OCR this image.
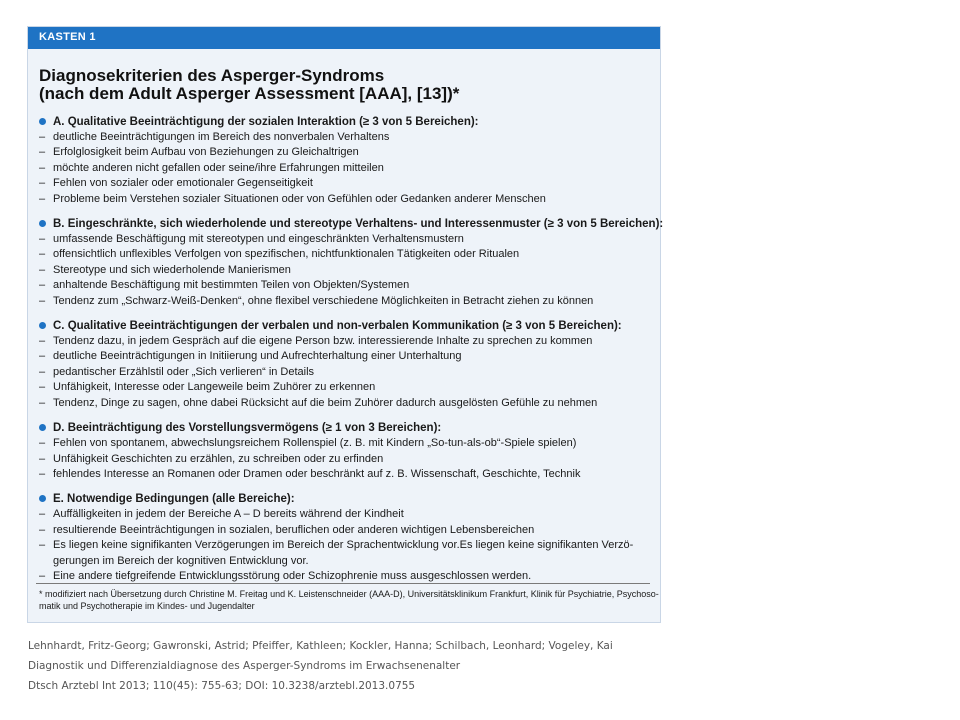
KASTEN 1
Diagnosekriterien des Asperger-Syndroms
(nach dem Adult Asperger Assessment [AAA], [13])*
A. Qualitative Beeinträchtigung der sozialen Interaktion (≥ 3 von 5 Bereichen):
– deutliche Beeinträchtigungen im Bereich des nonverbalen Verhaltens
– Erfolglosigkeit beim Aufbau von Beziehungen zu Gleichaltrigen
– möchte anderen nicht gefallen oder seine/ihre Erfahrungen mitteilen
– Fehlen von sozialer oder emotionaler Gegenseitigkeit
– Probleme beim Verstehen sozialer Situationen oder von Gefühlen oder Gedanken anderer Menschen
B. Eingeschränkte, sich wiederholende und stereotype Verhaltens- und Interessenmuster (≥ 3 von 5 Bereichen):
– umfassende Beschäftigung mit stereotypen und eingeschränkten Verhaltensmustern
– offensichtlich unflexibles Verfolgen von spezifischen, nichtfunktionalen Tätigkeiten oder Ritualen
– Stereotype und sich wiederholende Manierismen
– anhaltende Beschäftigung mit bestimmten Teilen von Objekten/Systemen
– Tendenz zum „Schwarz-Weiß-Denken“, ohne flexibel verschiedene Möglichkeiten in Betracht ziehen zu können
C. Qualitative Beeinträchtigungen der verbalen und non-verbalen Kommunikation (≥ 3 von 5 Bereichen):
– Tendenz dazu, in jedem Gespräch auf die eigene Person bzw. interessierende Inhalte zu sprechen zu kommen
– deutliche Beeinträchtigungen in Initiierung und Aufrechterhaltung einer Unterhaltung
– pedantischer Erzählstil oder „Sich verlieren“ in Details
– Unfähigkeit, Interesse oder Langeweile beim Zuhörer zu erkennen
– Tendenz, Dinge zu sagen, ohne dabei Rücksicht auf die beim Zuhörer dadurch ausgelösten Gefühle zu nehmen
D. Beeinträchtigung des Vorstellungsvermögens (≥ 1 von 3 Bereichen):
– Fehlen von spontanem, abwechslungsreichem Rollenspiel (z. B. mit Kindern „So-tun-als-ob“-Spiele spielen)
– Unfähigkeit Geschichten zu erzählen, zu schreiben oder zu erfinden
– fehlendes Interesse an Romanen oder Dramen oder beschränkt auf z. B. Wissenschaft, Geschichte, Technik
E. Notwendige Bedingungen (alle Bereiche):
– Auffälligkeiten in jedem der Bereiche A – D bereits während der Kindheit
– resultierende Beeinträchtigungen in sozialen, beruflichen oder anderen wichtigen Lebensbereichen
– Es liegen keine signifikanten Verzögerungen im Bereich der Sprachentwicklung vor.Es liegen keine signifikanten Verzö-
gerungen im Bereich der kognitiven Entwicklung vor.
– Eine andere tiefgreifende Entwicklungsstörung oder Schizophrenie muss ausgeschlossen werden.
* modifiziert nach Übersetzung durch Christine M. Freitag und K. Leistenschneider (AAA-D), Universitätsklinikum Frankfurt, Klinik für Psychiatrie, Psychoso-
matik und Psychotherapie im Kindes- und Jugendalter
Lehnhardt, Fritz-Georg; Gawronski, Astrid; Pfeiffer, Kathleen; Kockler, Hanna; Schilbach, Leonhard; Vogeley, Kai
Diagnostik und Differenzialdiagnose des Asperger-Syndroms im Erwachsenenalter
Dtsch Arztebl Int 2013; 110(45): 755-63; DOI: 10.3238/arztebl.2013.0755
